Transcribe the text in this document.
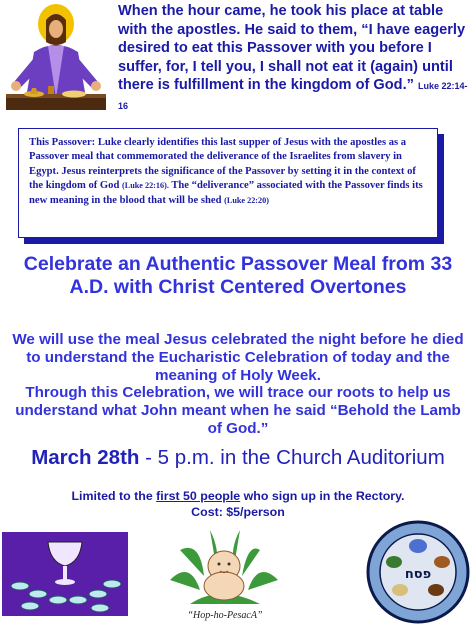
When the hour came, he took his place at table with the apostles. He said to them, “I have eagerly desired to eat this Passover with you before I suffer, for, I tell you, I shall not eat it (again) until there is fulfillment in the kingdom of God.” Luke 22:14-16
This Passover: Luke clearly identifies this last supper of Jesus with the apostles as a Passover meal that commemorated the deliverance of the Israelites from slavery in Egypt. Jesus reinterprets the significance of the Passover by setting it in the context of the kingdom of God (Luke 22:16). The “deliverance” associated with the Passover finds its new meaning in the blood that will be shed (Luke 22:20)
Celebrate an Authentic Passover Meal from 33 A.D. with Christ Centered Overtones
We will use the meal Jesus celebrated the night before he died to understand the Eucharistic Celebration of today and the meaning of Holy Week.
Through this Celebration, we will trace our roots to help us understand what John meant when he said “Behold the Lamb of God.”
March 28th - 5 p.m. in the Church Auditorium
Limited to the first 50 people who sign up in the Rectory.
Cost: $5/person
“Hop-ho-PesacA”
פסח
